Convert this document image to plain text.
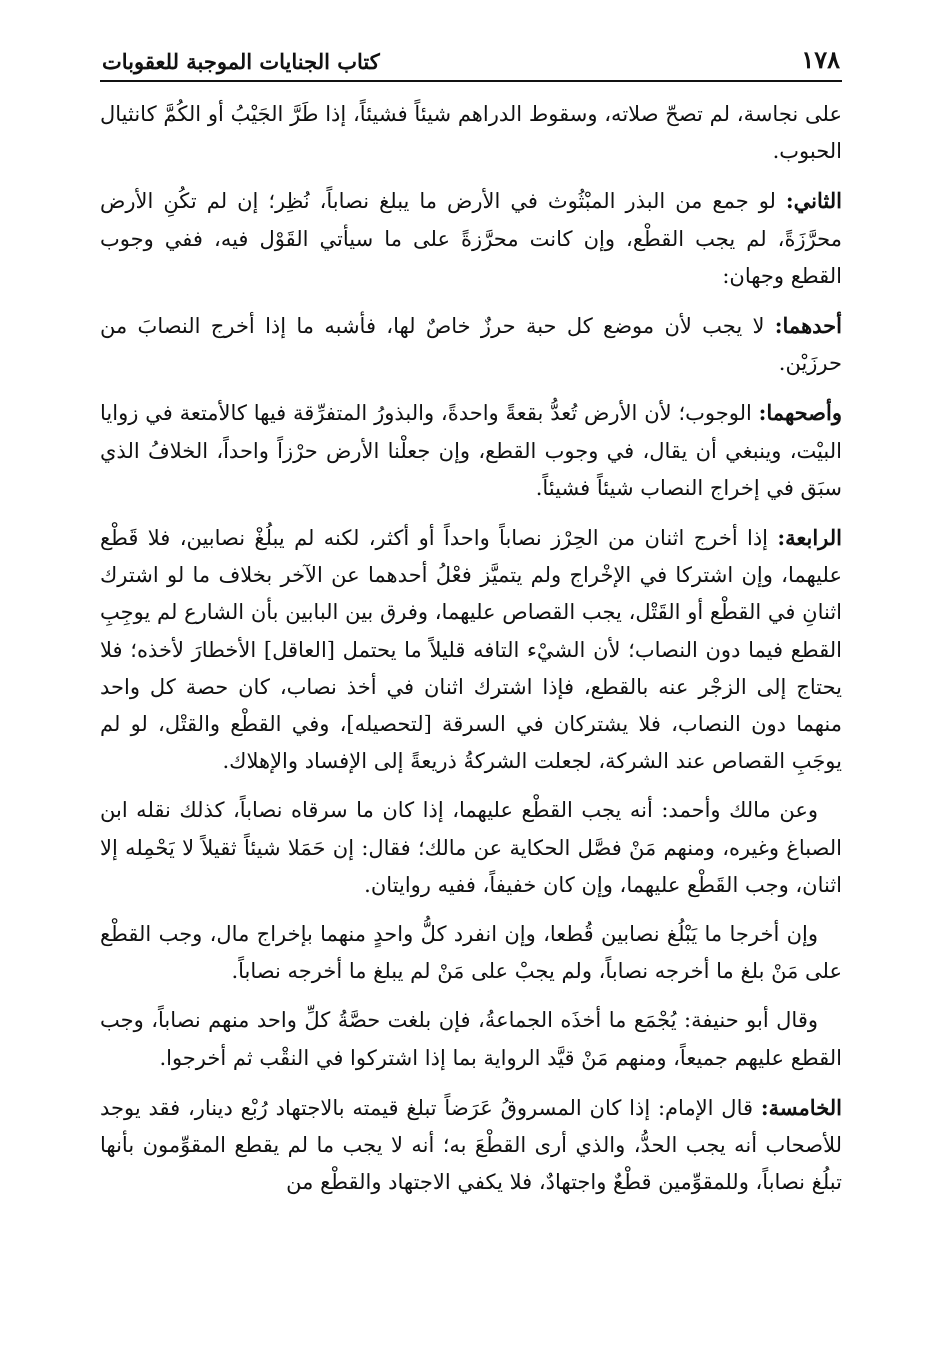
١٧٨
كتاب الجنايات الموجبة للعقوبات

على نجاسة، لم تصحّ صلاته، وسقوط الدراهم شيئاً فشيئاً، إذا طَرَّ الجَيْبُ أو الكُمَّ كانثيال الحبوب.

الثاني: لو جمع من البذر المبْثُوث في الأرض ما يبلغ نصاباً، نُظِر؛ إن لم تكُنِ الأرض محرَّزَةً، لم يجب القطْع، وإن كانت محرَّزةً على ما سيأتي القَوْل فيه، ففي وجوب القطع وجهان:

أحدهما: لا يجب لأن موضع كل حبة حرزٌ خاصٌ لها، فأشبه ما إذا أخرج النصابَ من حرزَيْن.

وأصحهما: الوجوب؛ لأن الأرض تُعدُّ بقعةً واحدةً، والبذورُ المتفرِّقة فيها كالأمتعة في زوايا البيْت، وينبغي أن يقال، في وجوب القطع، وإن جعلْنا الأرض حرْزاً واحداً، الخلافُ الذي سبَق في إخراج النصاب شيئاً فشيئاً.

الرابعة: إذا أخرج اثنان من الحِرْز نصاباً واحداً أو أكثر، لكنه لم يبلُغْ نصابين، فلا قَطْع عليهما، وإن اشتركا في الإخْراج ولم يتميَّز فعْلُ أحدهما عن الآخر بخلاف ما لو اشترك اثنانِ في القطْع أو القَتْل، يجب القصاص عليهما، وفرق بين البابين بأن الشارع لم يوجِبِ القطع فيما دون النصاب؛ لأن الشيْء التافه قليلاً ما يحتمل [العاقل] الأخطارَ لأخذه؛ فلا يحتاج إلى الزجْر عنه بالقطع، فإذا اشترك اثنان في أخذ نصاب، كان حصة كل واحد منهما دون النصاب، فلا يشتركان في السرقة [لتحصيله]، وفي القطْع والقتْل، لو لم يوجَبِ القصاص عند الشركة، لجعلت الشركةُ ذريعةً إلى الإفساد والإهلاك.

وعن مالك وأحمد: أنه يجب القطْع عليهما، إذا كان ما سرقاه نصاباً، كذلك نقله ابن الصباغ وغيره، ومنهم مَنْ فصَّل الحكاية عن مالك؛ فقال: إن حَمَلا شيئاً ثقيلاً لا يَحْمِله إلا اثنان، وجب القَطْع عليهما، وإن كان خفيفاً، ففيه روايتان.

وإن أخرجا ما يَبْلُغ نصابين قُطعا، وإن انفرد كلُّ واحدٍ منهما بإخراج مال، وجب القطْع على مَنْ بلغ ما أخرجه نصاباً، ولم يجبْ على مَنْ لم يبلغ ما أخرجه نصاباً.

وقال أبو حنيفة: يُجْمَع ما أخذَه الجماعةُ، فإن بلغت حصَّةُ كلِّ واحد منهم نصاباً، وجب القطع عليهم جميعاً، ومنهم مَنْ قيَّد الرواية بما إذا اشتركوا في النقْب ثم أخرجوا.

الخامسة: قال الإمام: إذا كان المسروقُ عَرَضاً تبلغ قيمته بالاجتهاد رُبْع دينار، فقد يوجد للأصحاب أنه يجب الحدُّ، والذي أرى القطْعَ به؛ أنه لا يجب ما لم يقطع المقوِّمون بأنها تبلُغ نصاباً، وللمقوِّمين قطْعٌ واجتهادٌ، فلا يكفي الاجتهاد والقطْع من
